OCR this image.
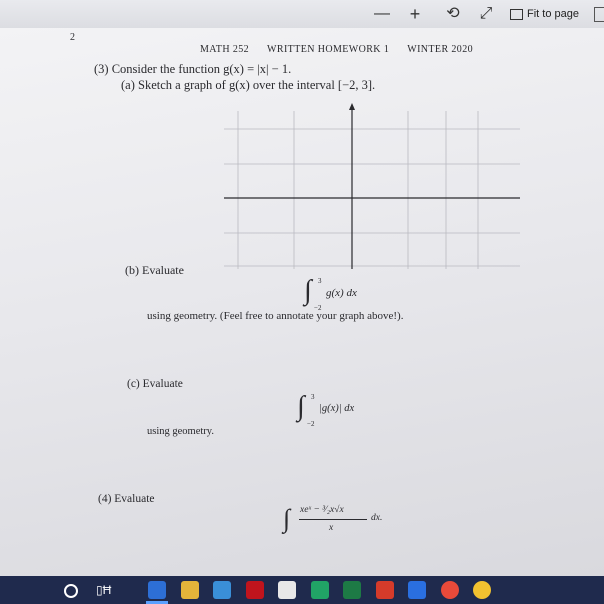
— + ⟲ ⤢	Fit to page
2
MATH 252 WRITTEN HOMEWORK 1 WINTER 2020
(3) Consider the function g(x) = |x| − 1.
(a) Sketch a graph of g(x) over the interval [−2, 3].
(b) Evaluate
∫ 3
−2
g(x) dx
using geometry. (Feel free to annotate your graph above!).
(c) Evaluate
∫ 3
−2
|g(x)| dx
using geometry.
(4) Evaluate
∫ xeˣ − ³⁄₂x√x
x
dx.
▯Ħ
